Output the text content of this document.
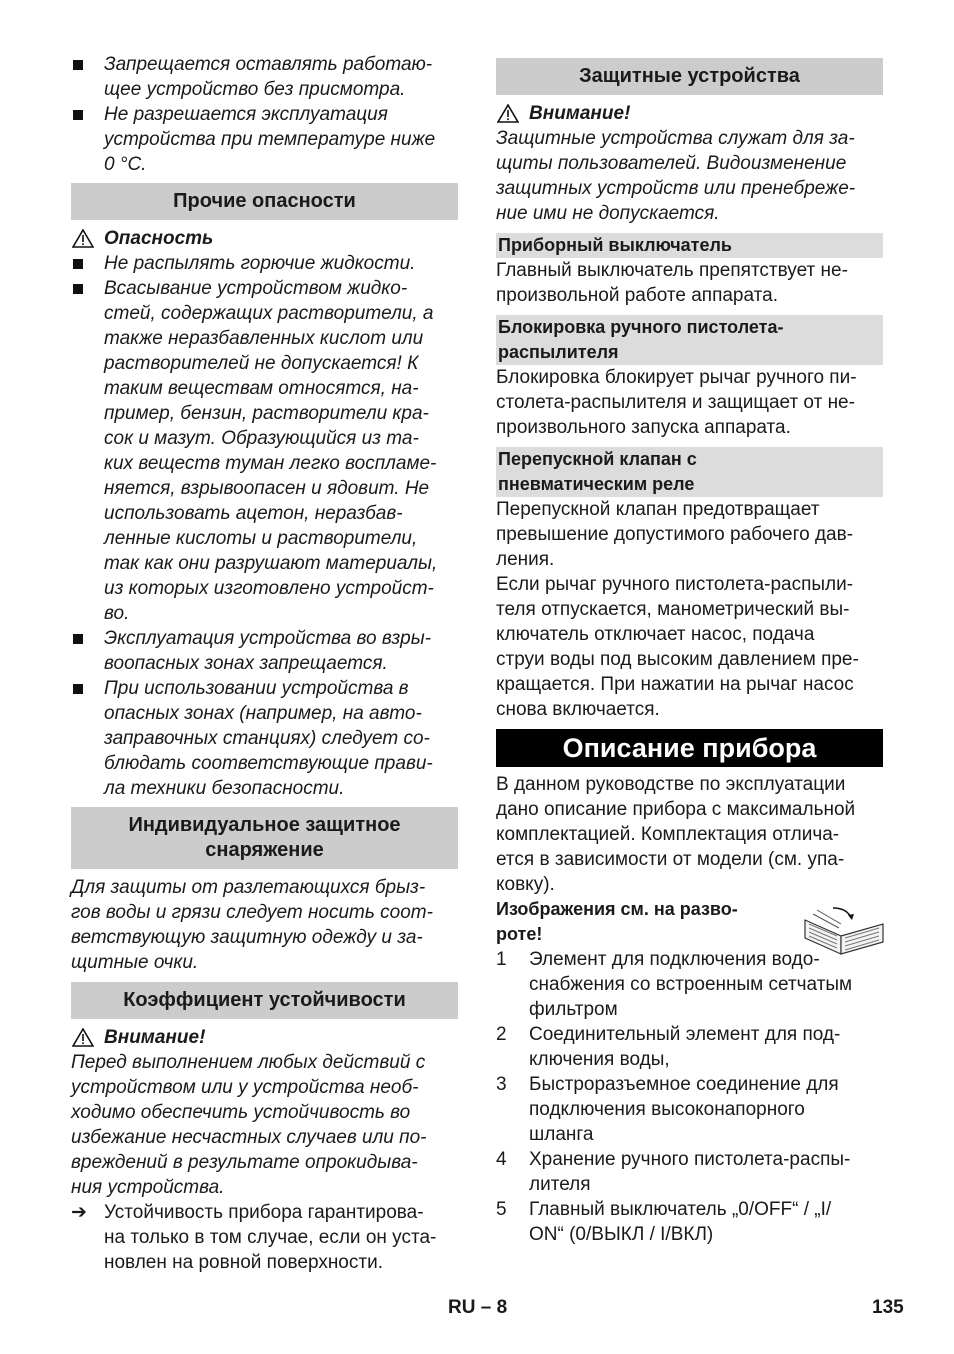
Запрещается оставлять работаю-
щее устройство без присмотра.
Не разрешается эксплуатация
устройства при температуре ниже
0 °C.
Прочие опасности
Опасность
Не распылять горючие жидкости.
Всасывание устройством жидко-
стей, содержащих растворители, а
также неразбавленных кислот или
растворителей не допускается! К
таким веществам относятся, на-
пример, бензин, растворители кра-
сок и мазут. Образующийся из та-
ких веществ туман легко воспламе-
няется, взрывоопасен и ядовит. Не
использовать ацетон, неразбав-
ленные кислоты и растворители,
так как они разрушают материалы,
из которых изготовлено устройст-
во.
Эксплуатация устройства во взры-
воопасных зонах запрещается.
При использовании устройства в
опасных зонах (например, на авто-
заправочных станциях) следует со-
блюдать соответствующие прави-
ла техники безопасности.
Индивидуальное защитное
снаряжение
Для защиты от разлетающихся брыз-
гов воды и грязи следует носить соот-
ветствующую защитную одежду и за-
щитные очки.
Коэффициент устойчивости
Внимание!
Перед выполнением любых действий с
устройством или у устройства необ-
ходимо обеспечить устойчивость во
избежание несчастных случаев или по-
вреждений в результате опрокидыва-
ния устройства.
➔ Устойчивость прибора гарантирова-
на только в том случае, если он уста-
новлен на ровной поверхности.
Защитные устройства
Внимание!
Защитные устройства служат для за-
щиты пользователей. Видоизменение
защитных устройств или пренебреже-
ние ими не допускается.
Приборный выключатель
Главный выключатель препятствует не-
произвольной работе аппарата.
Блокировка ручного пистолета-
распылителя
Блокировка блокирует рычаг ручного пи-
столета-распылителя и защищает от не-
произвольного запуска аппарата.
Перепускной клапан с
пневматическим реле
Перепускной клапан предотвращает
превышение допустимого рабочего дав-
ления.
Если рычаг ручного пистолета-распыли-
теля отпускается, манометрический вы-
ключатель отключает насос, подача
струи воды под высоким давлением пре-
кращается. При нажатии на рычаг насос
снова включается.
Описание прибора
В данном руководстве по эксплуатации
дано описание прибора с максимальной
комплектацией. Комплектация отлича-
ется в зависимости от модели (см. упа-
ковку).
Изображения см. на разво-
роте!
1 Элемент для подключения водо-
снабжения со встроенным сетчатым
фильтром
2 Соединительный элемент для под-
ключения воды,
3 Быстроразъемное соединение для
подключения высоконапорного
шланга
4 Хранение ручного пистолета-распы-
лителя
5 Главный выключатель „0/OFF“ / „I/
ON“ (0/ВЫКЛ / I/ВКЛ)
RU – 8	135
